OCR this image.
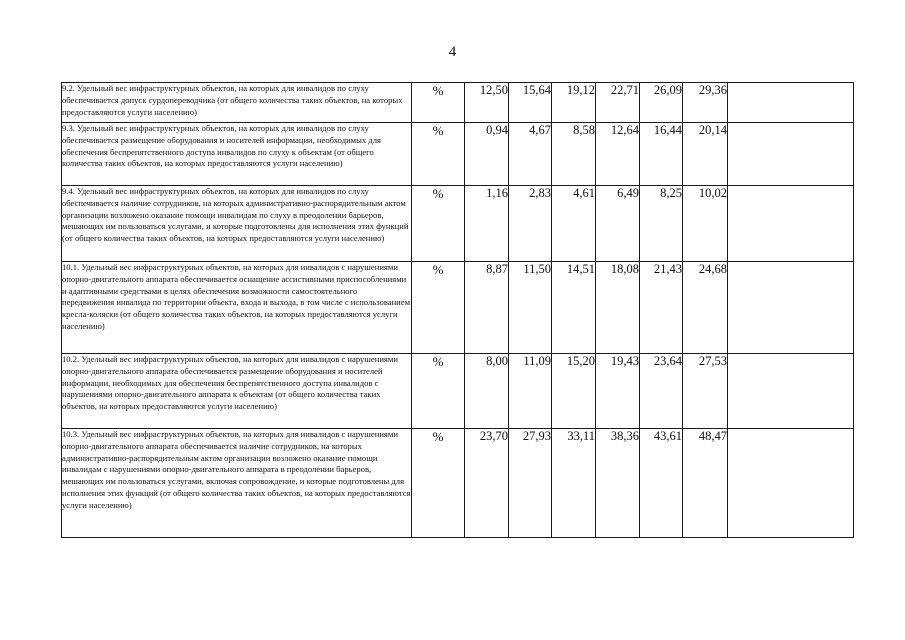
4
9.2. Удельный вес инфраструктурных объектов, на которых для инвалидов по слуху обеспечивается допуск сурдопереводчика (от общего количества таких объектов, на которых предоставляются услуги населению)	%	12,50	15,64	19,12	22,71	26,09	29,36	
9.3. Удельный вес инфраструктурных объектов, на которых для инвалидов по слуху обеспечивается размещение оборудования и носителей информации, необходимых для обеспечения беспрепятственного доступа инвалидов по слуху к объектам (от общего количества таких объектов, на которых предоставляются услуги населению)	%	0,94	4,67	8,58	12,64	16,44	20,14	
9.4. Удельный вес инфраструктурных объектов, на которых для инвалидов по слуху обеспечивается наличие сотрудников, на которых административно-распорядительным актом организации возложено оказание помощи инвалидам по слуху в преодолении барьеров, мешающих им пользоваться услугами, и которые подготовлены для исполнения этих функций (от общего количества таких объектов, на которых предоставляются услуги населению)	%	1,16	2,83	4,61	6,49	8,25	10,02	
10.1. Удельный вес инфраструктурных объектов, на которых для инвалидов с нарушениями опорно-двигательного аппарата обеспечивается оснащение ассистивными приспособлениями и адаптивными средствами в целях обеспечения возможности самостоятельного передвижения инвалида по территории объекта, входа и выхода, в том числе с использованием кресла-коляски (от общего количества таких объектов, на которых предоставляются услуги населению)	%	8,87	11,50	14,51	18,08	21,43	24,68	
10.2. Удельный вес инфраструктурных объектов, на которых для инвалидов с нарушениями опорно-двигательного аппарата обеспечивается размещение оборудования и носителей информации, необходимых для обеспечения беспрепятственного доступа инвалидов с нарушениями опорно-двигательного аппарата к объектам (от общего количества таких объектов, на которых предоставляются услуги населению)	%	8,00	11,09	15,20	19,43	23,64	27,53	
10.3. Удельный вес инфраструктурных объектов, на которых для инвалидов с нарушениями опорно-двигательного аппарата обеспечивается наличие сотрудников, на которых административно-распорядительным актом организации возложено оказание помощи инвалидам с нарушениями опорно-двигательного аппарата в преодолении барьеров, мешающих им пользоваться услугами, включая сопровождение, и которые подготовлены для исполнения этих функций (от общего количества таких объектов, на которых предоставляются услуги населению)	%	23,70	27,93	33,11	38,36	43,61	48,47	
